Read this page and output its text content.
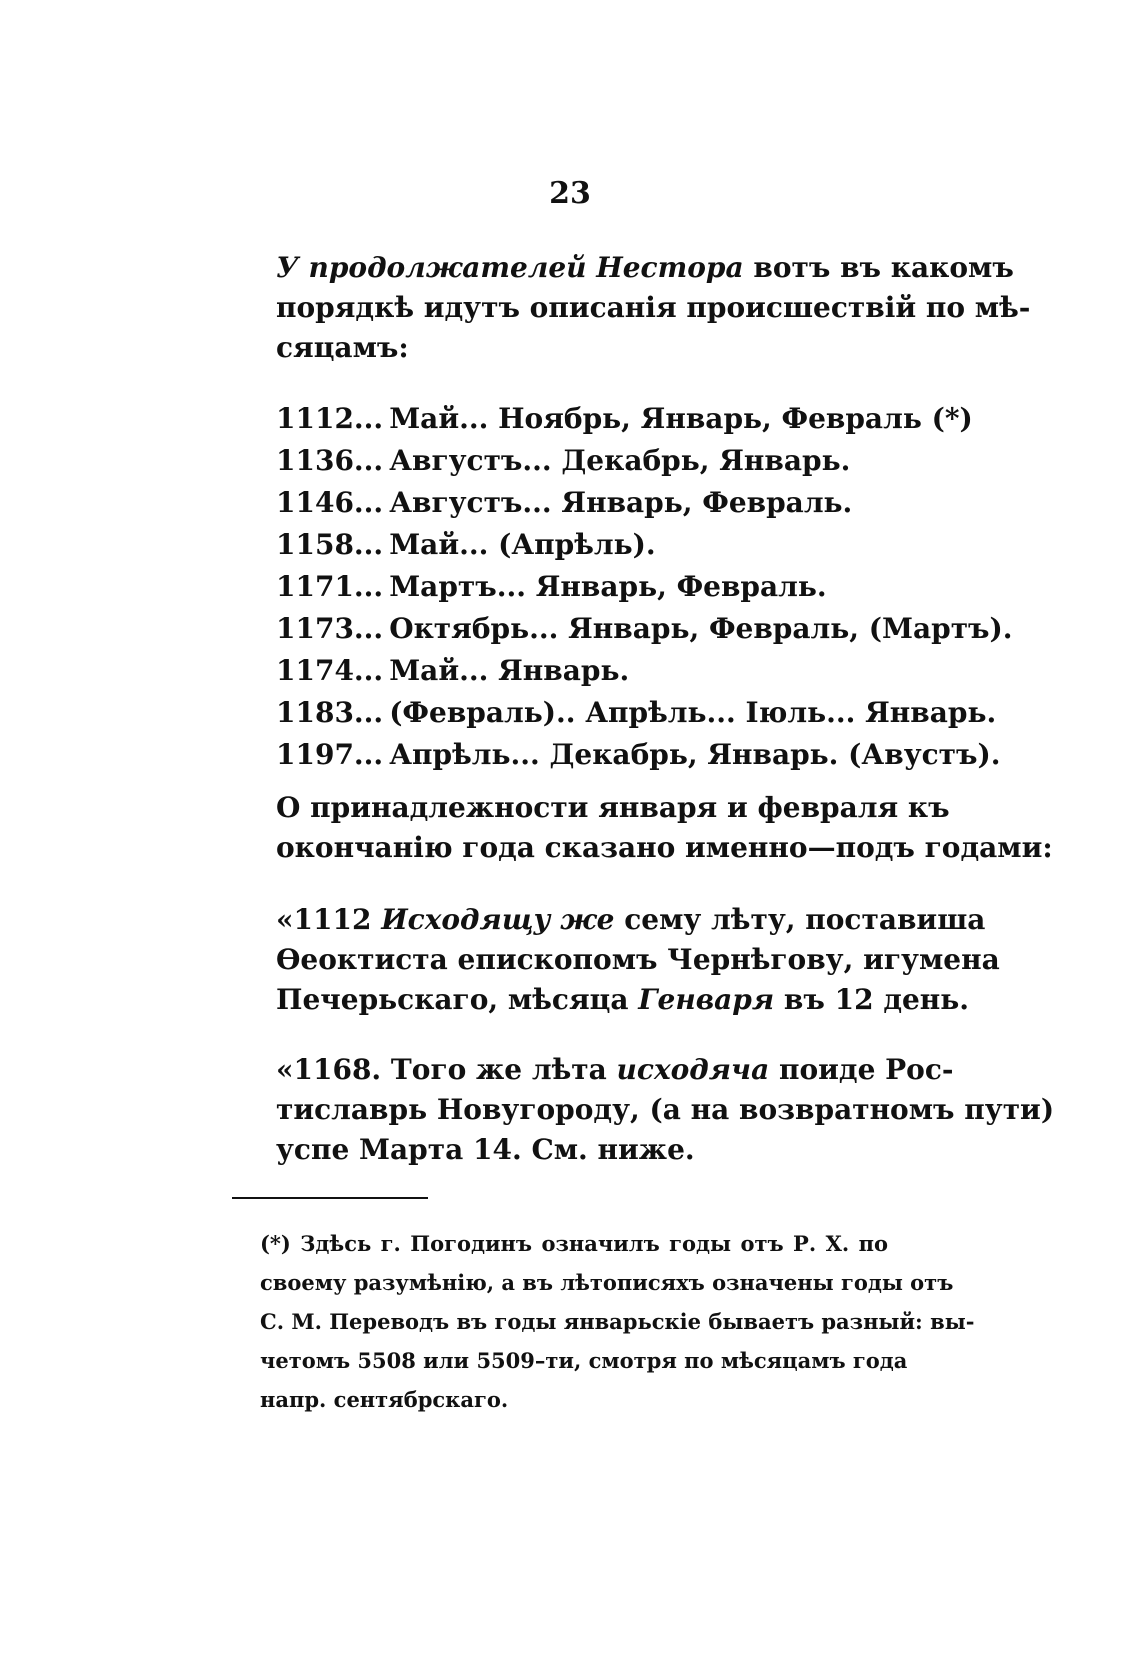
23
У продолжателей Нестора вотъ въ какомъ
порядкѣ идутъ описанія происшествій по мѣ-
сяцамъ:
1112... Май... Ноябрь, Январь, Февраль (*)
1136... Августъ... Декабрь, Январь.
1146... Августъ... Январь, Февраль.
1158... Май... (Апрѣль).
1171... Мартъ... Январь, Февраль.
1173... Октябрь... Январь, Февраль, (Мартъ).
1174... Май... Январь.
1183... (Февраль).. Апрѣль... Іюль... Январь.
1197... Апрѣль... Декабрь, Январь. (Авустъ).
О принадлежности января и февраля къ
окончанію года сказано именно—подъ годами:
«1112 Исходящу же сему лѣту, поставиша
Өеоктиста епископомъ Чернѣгову, игумена
Печерьскаго, мѣсяца Генваря въ 12 день.
«1168. Того же лѣта исходяча поиде Рос-
тиславрь Новугороду, (а на возвратномъ пути)
успе Марта 14. См. ниже.
(*) Здѣсь г. Погодинъ означилъ годы отъ Р. Х. по
своему разумѣнію, а въ лѣтописяхъ означены годы отъ
С. М. Переводъ въ годы январьскіе бываетъ разный: вы-
четомъ 5508 или 5509–ти, смотря по мѣсяцамъ года
напр. сентябрскаго.
